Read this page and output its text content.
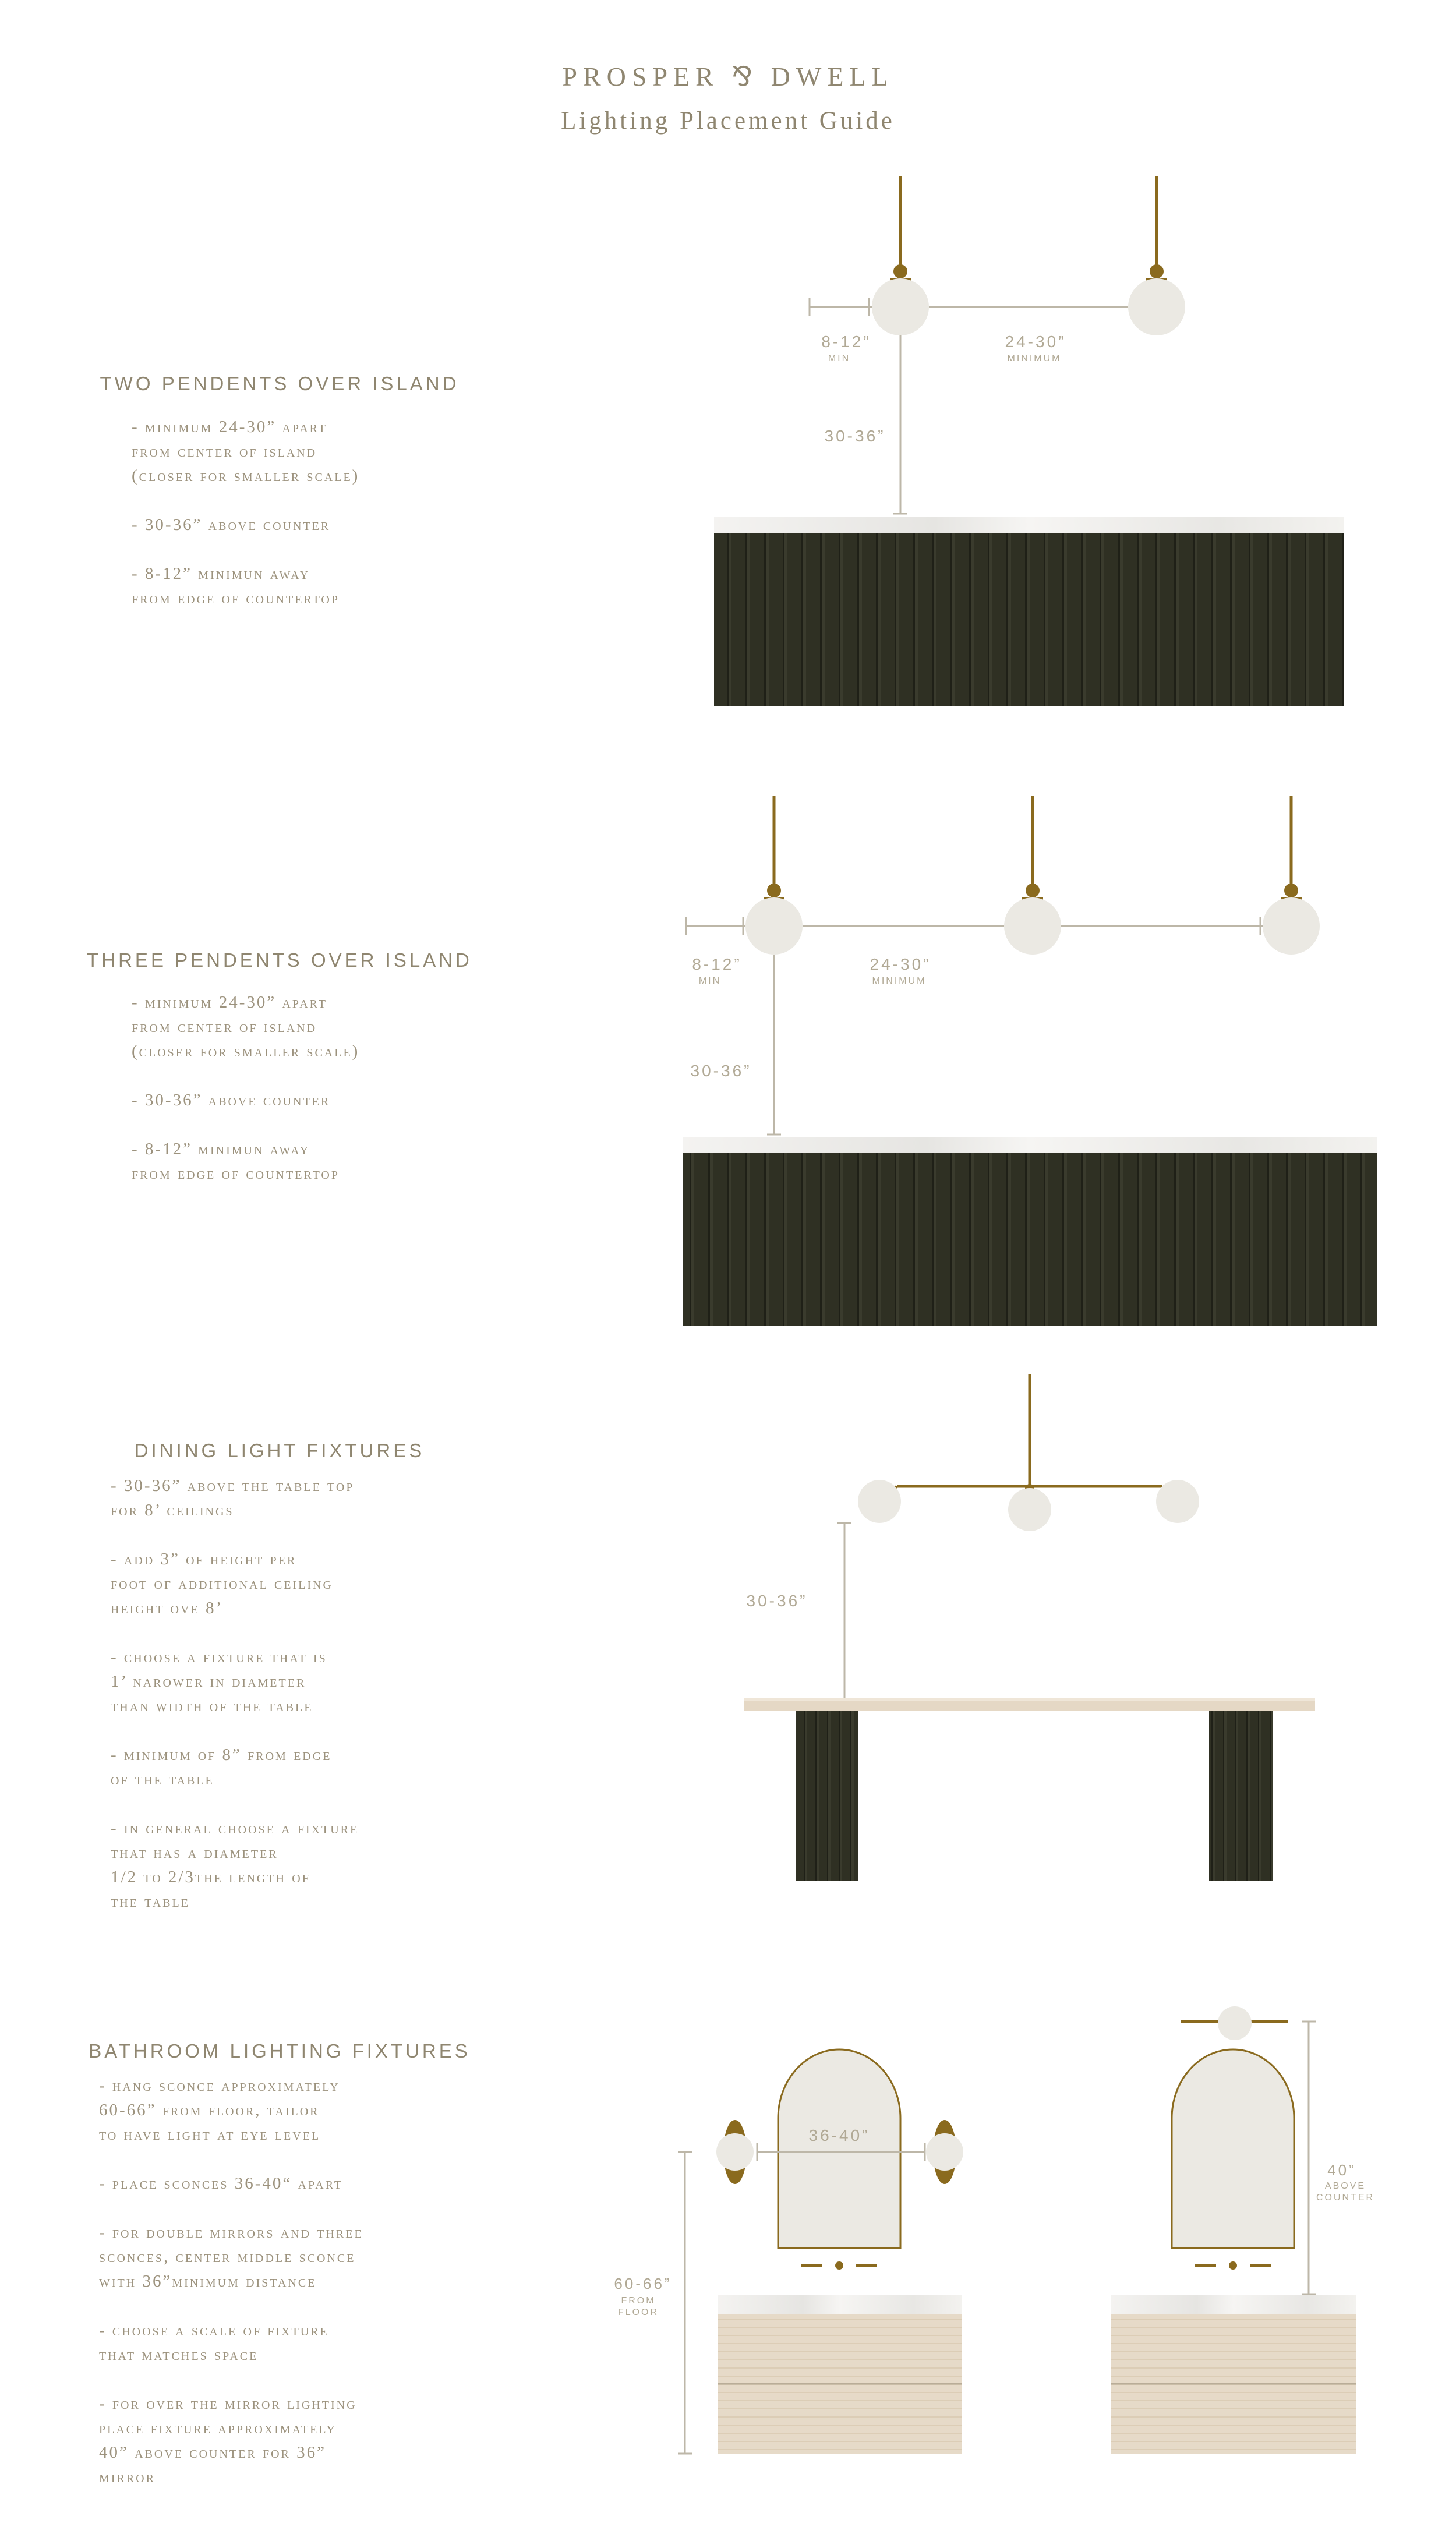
PROSPER ⅋ DWELL
Lighting Placement Guide
TWO PENDENTS OVER ISLAND
- minimum 24-30” apart
from center of island
(closer for smaller scale)
- 30-36” above counter
- 8-12” minimun away
from edge of countertop
THREE PENDENTS OVER ISLAND
- minimum 24-30” apart
from center of island
(closer for smaller scale)
- 30-36” above counter
- 8-12” minimun away
from edge of countertop
DINING LIGHT FIXTURES
- 30-36” above the table top
for 8’ ceilings
- add 3” of height per
foot of additional ceiling
height ove 8’
- choose a fixture that is
1’ narower in diameter
than width of the table
- minimum of 8” from edge
of the table
- in general choose a fixture
that has a diameter
1/2 to 2/3the length of
the table
BATHROOM LIGHTING FIXTURES
- hang sconce approximately
60-66” from floor, tailor
to have light at eye level
- place sconces 36-40“ apart
- for double mirrors and three
sconces, center middle sconce
with 36”minimum distance
- choose a scale of fixture
that matches space
- for over the mirror lighting
place fixture approximately
40” above counter for 36”
mirror
8-12”
MIN
24-30”
MINIMUM
30-36”
8-12”
MIN
24-30”
MINIMUM
30-36”
30-36”
36-40”
60-66”
FROM
FLOOR
40”
ABOVE
COUNTER
